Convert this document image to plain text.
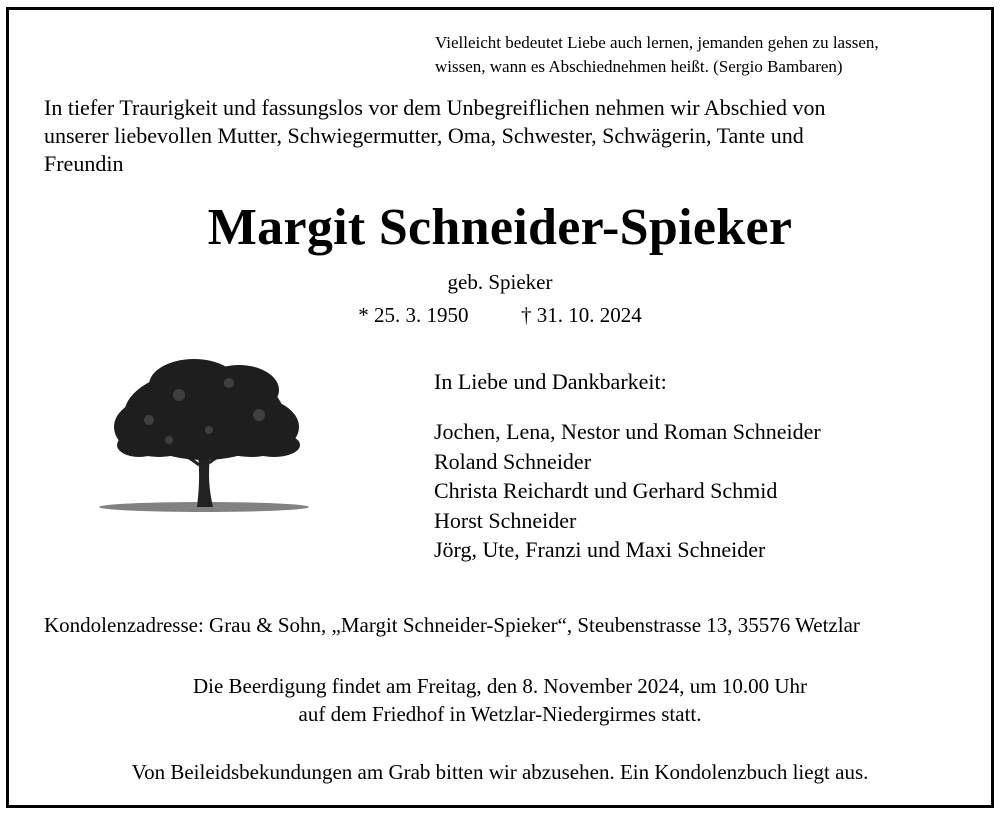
Vielleicht bedeutet Liebe auch lernen, jemanden gehen zu lassen,
wissen, wann es Abschiednehmen heißt. (Sergio Bambaren)
In tiefer Traurigkeit und fassungslos vor dem Unbegreiflichen nehmen wir Abschied von
unserer liebevollen Mutter, Schwiegermutter, Oma, Schwester, Schwägerin, Tante und
Freundin
Margit Schneider-Spieker
geb. Spieker
* 25. 3. 1950	† 31. 10. 2024
In Liebe und Dankbarkeit:
Jochen, Lena, Nestor und Roman Schneider
Roland Schneider
Christa Reichardt und Gerhard Schmid
Horst Schneider
Jörg, Ute, Franzi und Maxi Schneider
Kondolenzadresse: Grau & Sohn, „Margit Schneider-Spieker“, Steubenstrasse 13, 35576 Wetzlar
Die Beerdigung findet am Freitag, den 8. November 2024, um 10.00 Uhr
auf dem Friedhof in Wetzlar-Niedergirmes statt.
Von Beileidsbekundungen am Grab bitten wir abzusehen. Ein Kondolenzbuch liegt aus.
